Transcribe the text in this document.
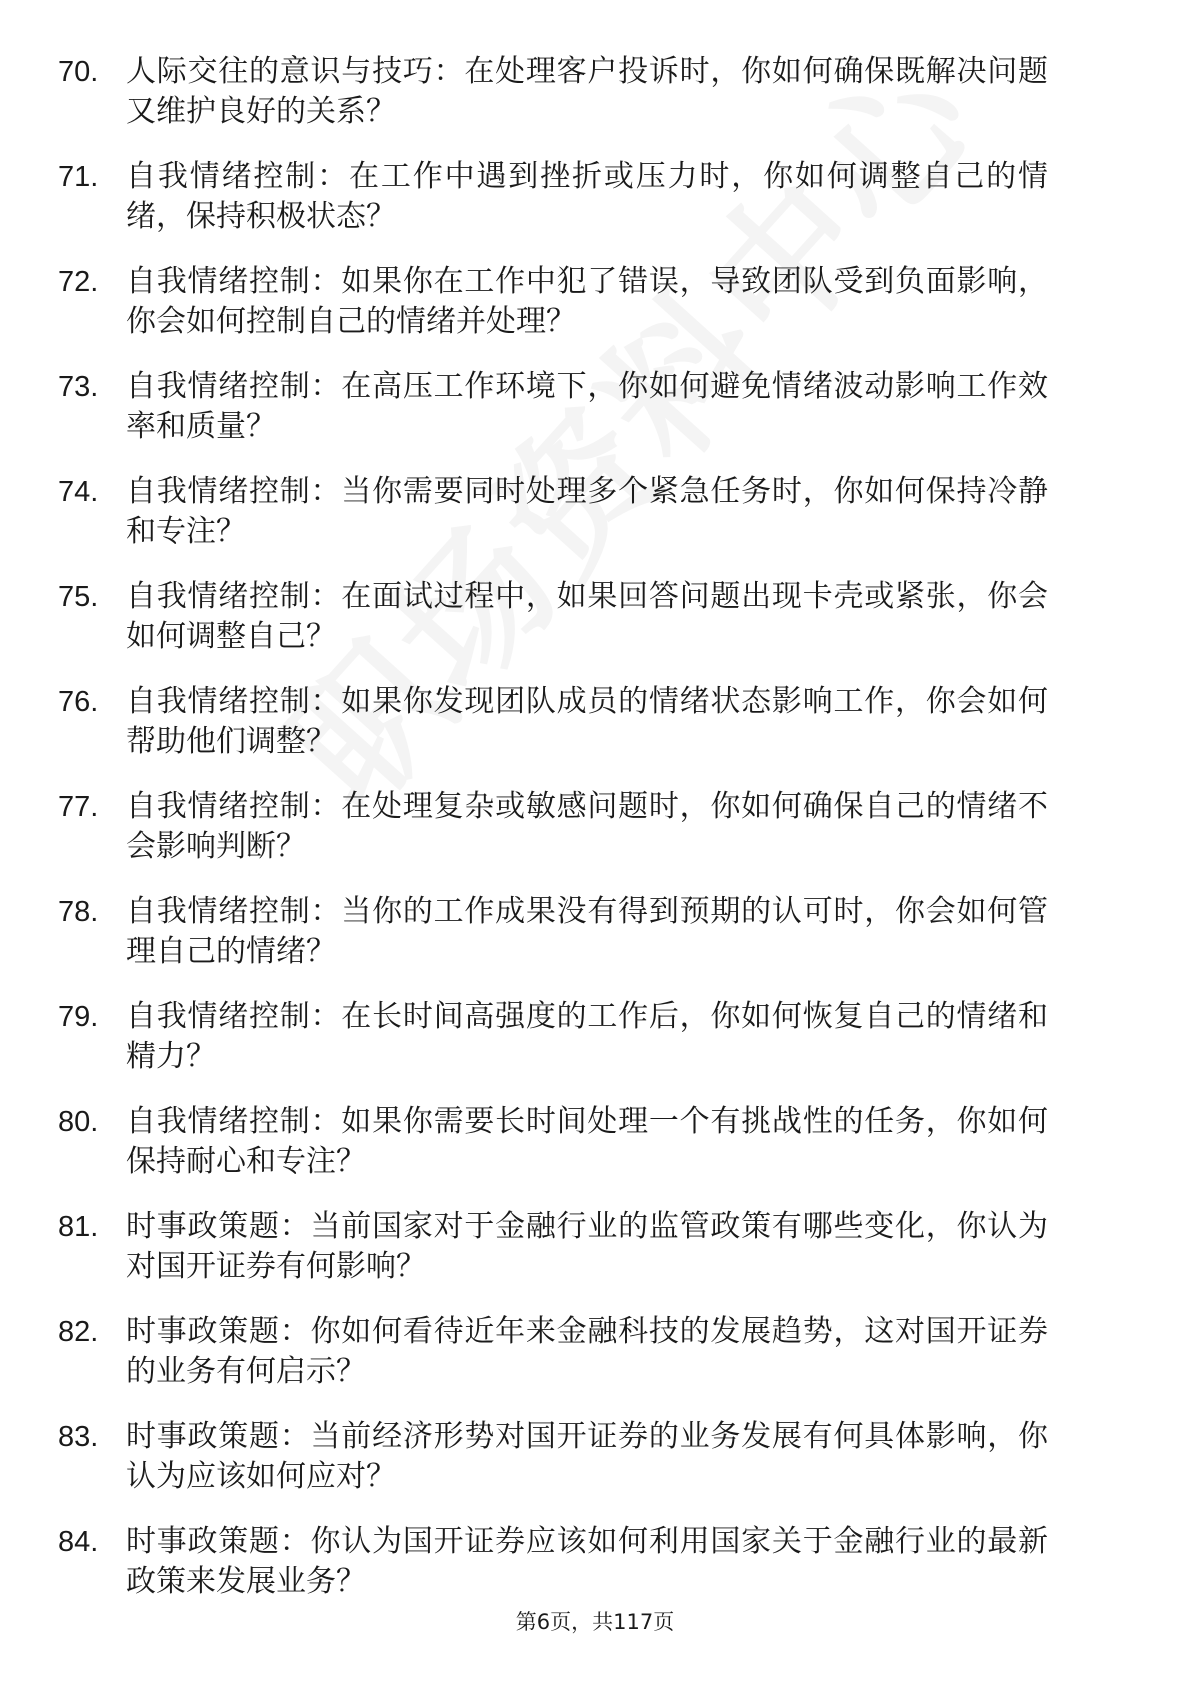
70. 人际交往的意识与技巧：在处理客户投诉时，你如何确保既解决问题又维护良好的关系？
71. 自我情绪控制：在工作中遇到挫折或压力时，你如何调整自己的情绪，保持积极状态？
72. 自我情绪控制：如果你在工作中犯了错误，导致团队受到负面影响，你会如何控制自己的情绪并处理？
73. 自我情绪控制：在高压工作环境下，你如何避免情绪波动影响工作效率和质量？
74. 自我情绪控制：当你需要同时处理多个紧急任务时，你如何保持冷静和专注？
75. 自我情绪控制：在面试过程中，如果回答问题出现卡壳或紧张，你会如何调整自己？
76. 自我情绪控制：如果你发现团队成员的情绪状态影响工作，你会如何帮助他们调整？
77. 自我情绪控制：在处理复杂或敏感问题时，你如何确保自己的情绪不会影响判断？
78. 自我情绪控制：当你的工作成果没有得到预期的认可时，你会如何管理自己的情绪？
79. 自我情绪控制：在长时间高强度的工作后，你如何恢复自己的情绪和精力？
80. 自我情绪控制：如果你需要长时间处理一个有挑战性的任务，你如何保持耐心和专注？
81. 时事政策题：当前国家对于金融行业的监管政策有哪些变化，你认为对国开证券有何影响？
82. 时事政策题：你如何看待近年来金融科技的发展趋势，这对国开证券的业务有何启示？
83. 时事政策题：当前经济形势对国开证券的业务发展有何具体影响，你认为应该如何应对？
84. 时事政策题：你认为国开证券应该如何利用国家关于金融行业的最新政策来发展业务？
第6页，共117页
